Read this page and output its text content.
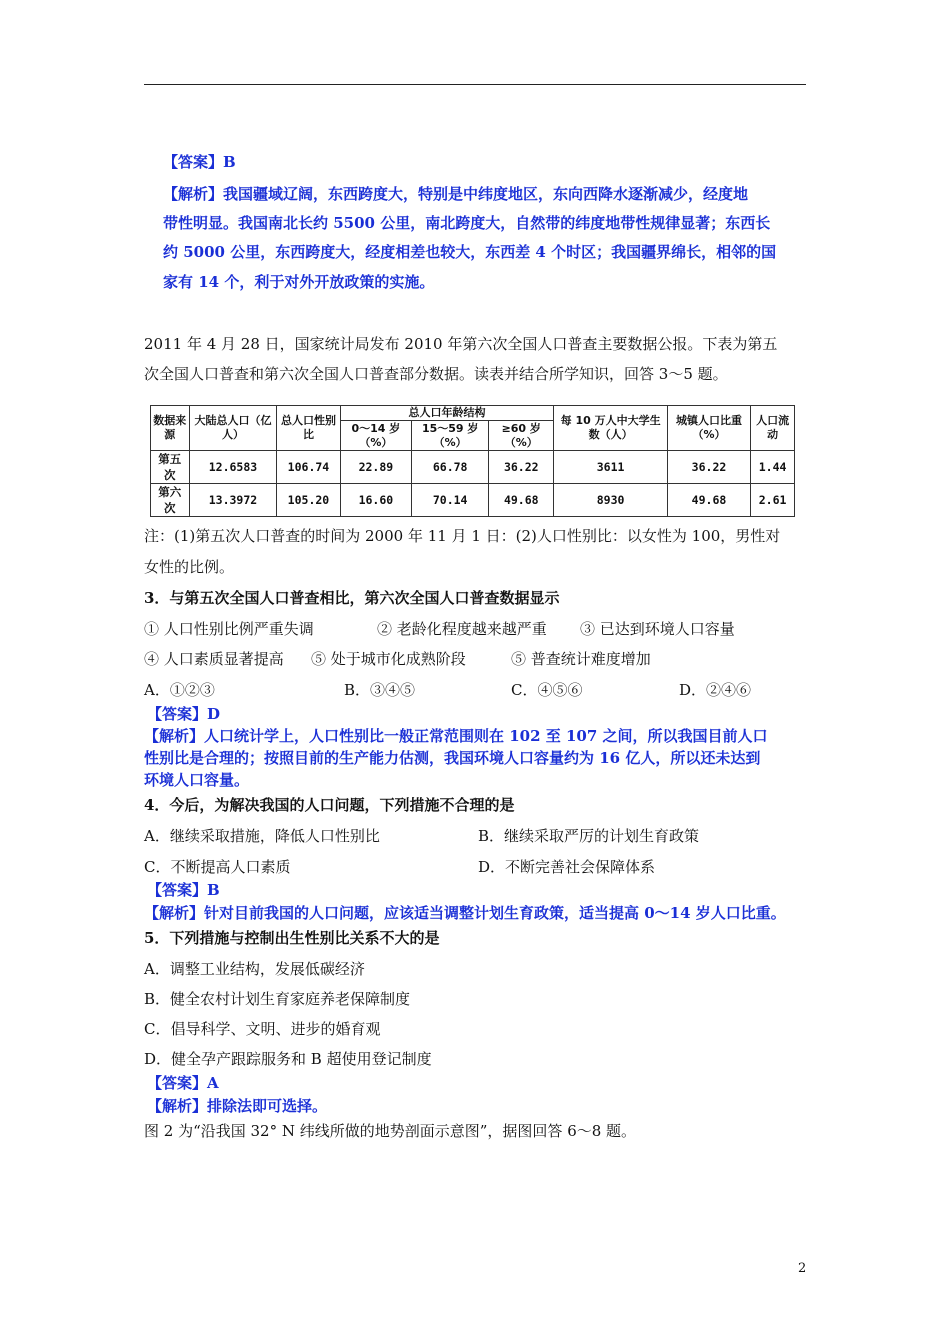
【答案】B
【解析】我国疆域辽阔，东西跨度大，特别是中纬度地区，东向西降水逐渐减少，经度地
带性明显。我国南北长约 5500 公里，南北跨度大，自然带的纬度地带性规律显著；东西长
约 5000 公里，东西跨度大，经度相差也较大，东西差 4 个时区；我国疆界绵长，相邻的国
家有 14 个，利于对外开放政策的实施。
2011 年 4 月 28 日，国家统计局发布 2010 年第六次全国人口普查主要数据公报。下表为第五
次全国人口普查和第六次全国人口普查部分数据。读表并结合所学知识，回答 3～5 题。
数据来源	大陆总人口（亿人）	总人口性别比	总人口年龄结构			每 10 万人中大学生数（人）	城镇人口比重（%）	人口流动
			0～14 岁（%）	15～59 岁（%）	≥60 岁（%）			
第五次	12.6583	106.74	22.89	66.78	36.22	3611	36.22	1.44
第六次	13.3972	105.20	16.60	70.14	49.68	8930	49.68	2.61
注：(1)第五次人口普查的时间为 2000 年 11 月 1 日：(2)人口性别比：以女性为 100，男性对
女性的比例。
3．与第五次全国人口普查相比，第六次全国人口普查数据显示
① 人口性别比例严重失调	② 老龄化程度越来越严重 ③ 已达到环境人口容量
④ 人口素质显著提高 ⑤ 处于城市化成熟阶段	⑤ 普查统计难度增加
A．①②③	B．③④⑤	C．④⑤⑥	D．②④⑥
【答案】D
【解析】人口统计学上，人口性别比一般正常范围则在 102 至 107 之间，所以我国目前人口
性别比是合理的；按照目前的生产能力估测，我国环境人口容量约为 16 亿人，所以还未达到
环境人口容量。
4．今后，为解决我国的人口问题，下列措施不合理的是
A．继续采取措施，降低人口性别比	B．继续采取严厉的计划生育政策
C．不断提高人口素质	D．不断完善社会保障体系
【答案】B
【解析】针对目前我国的人口问题，应该适当调整计划生育政策，适当提高 0～14 岁人口比重。
5．下列措施与控制出生性别比关系不大的是
A．调整工业结构，发展低碳经济
B．健全农村计划生育家庭养老保障制度
C．倡导科学、文明、进步的婚育观
D．健全孕产跟踪服务和 B 超使用登记制度
【答案】A
【解析】排除法即可选择。
图 2 为“沿我国 32° N 纬线所做的地势剖面示意图”，据图回答 6～8 题。
2
